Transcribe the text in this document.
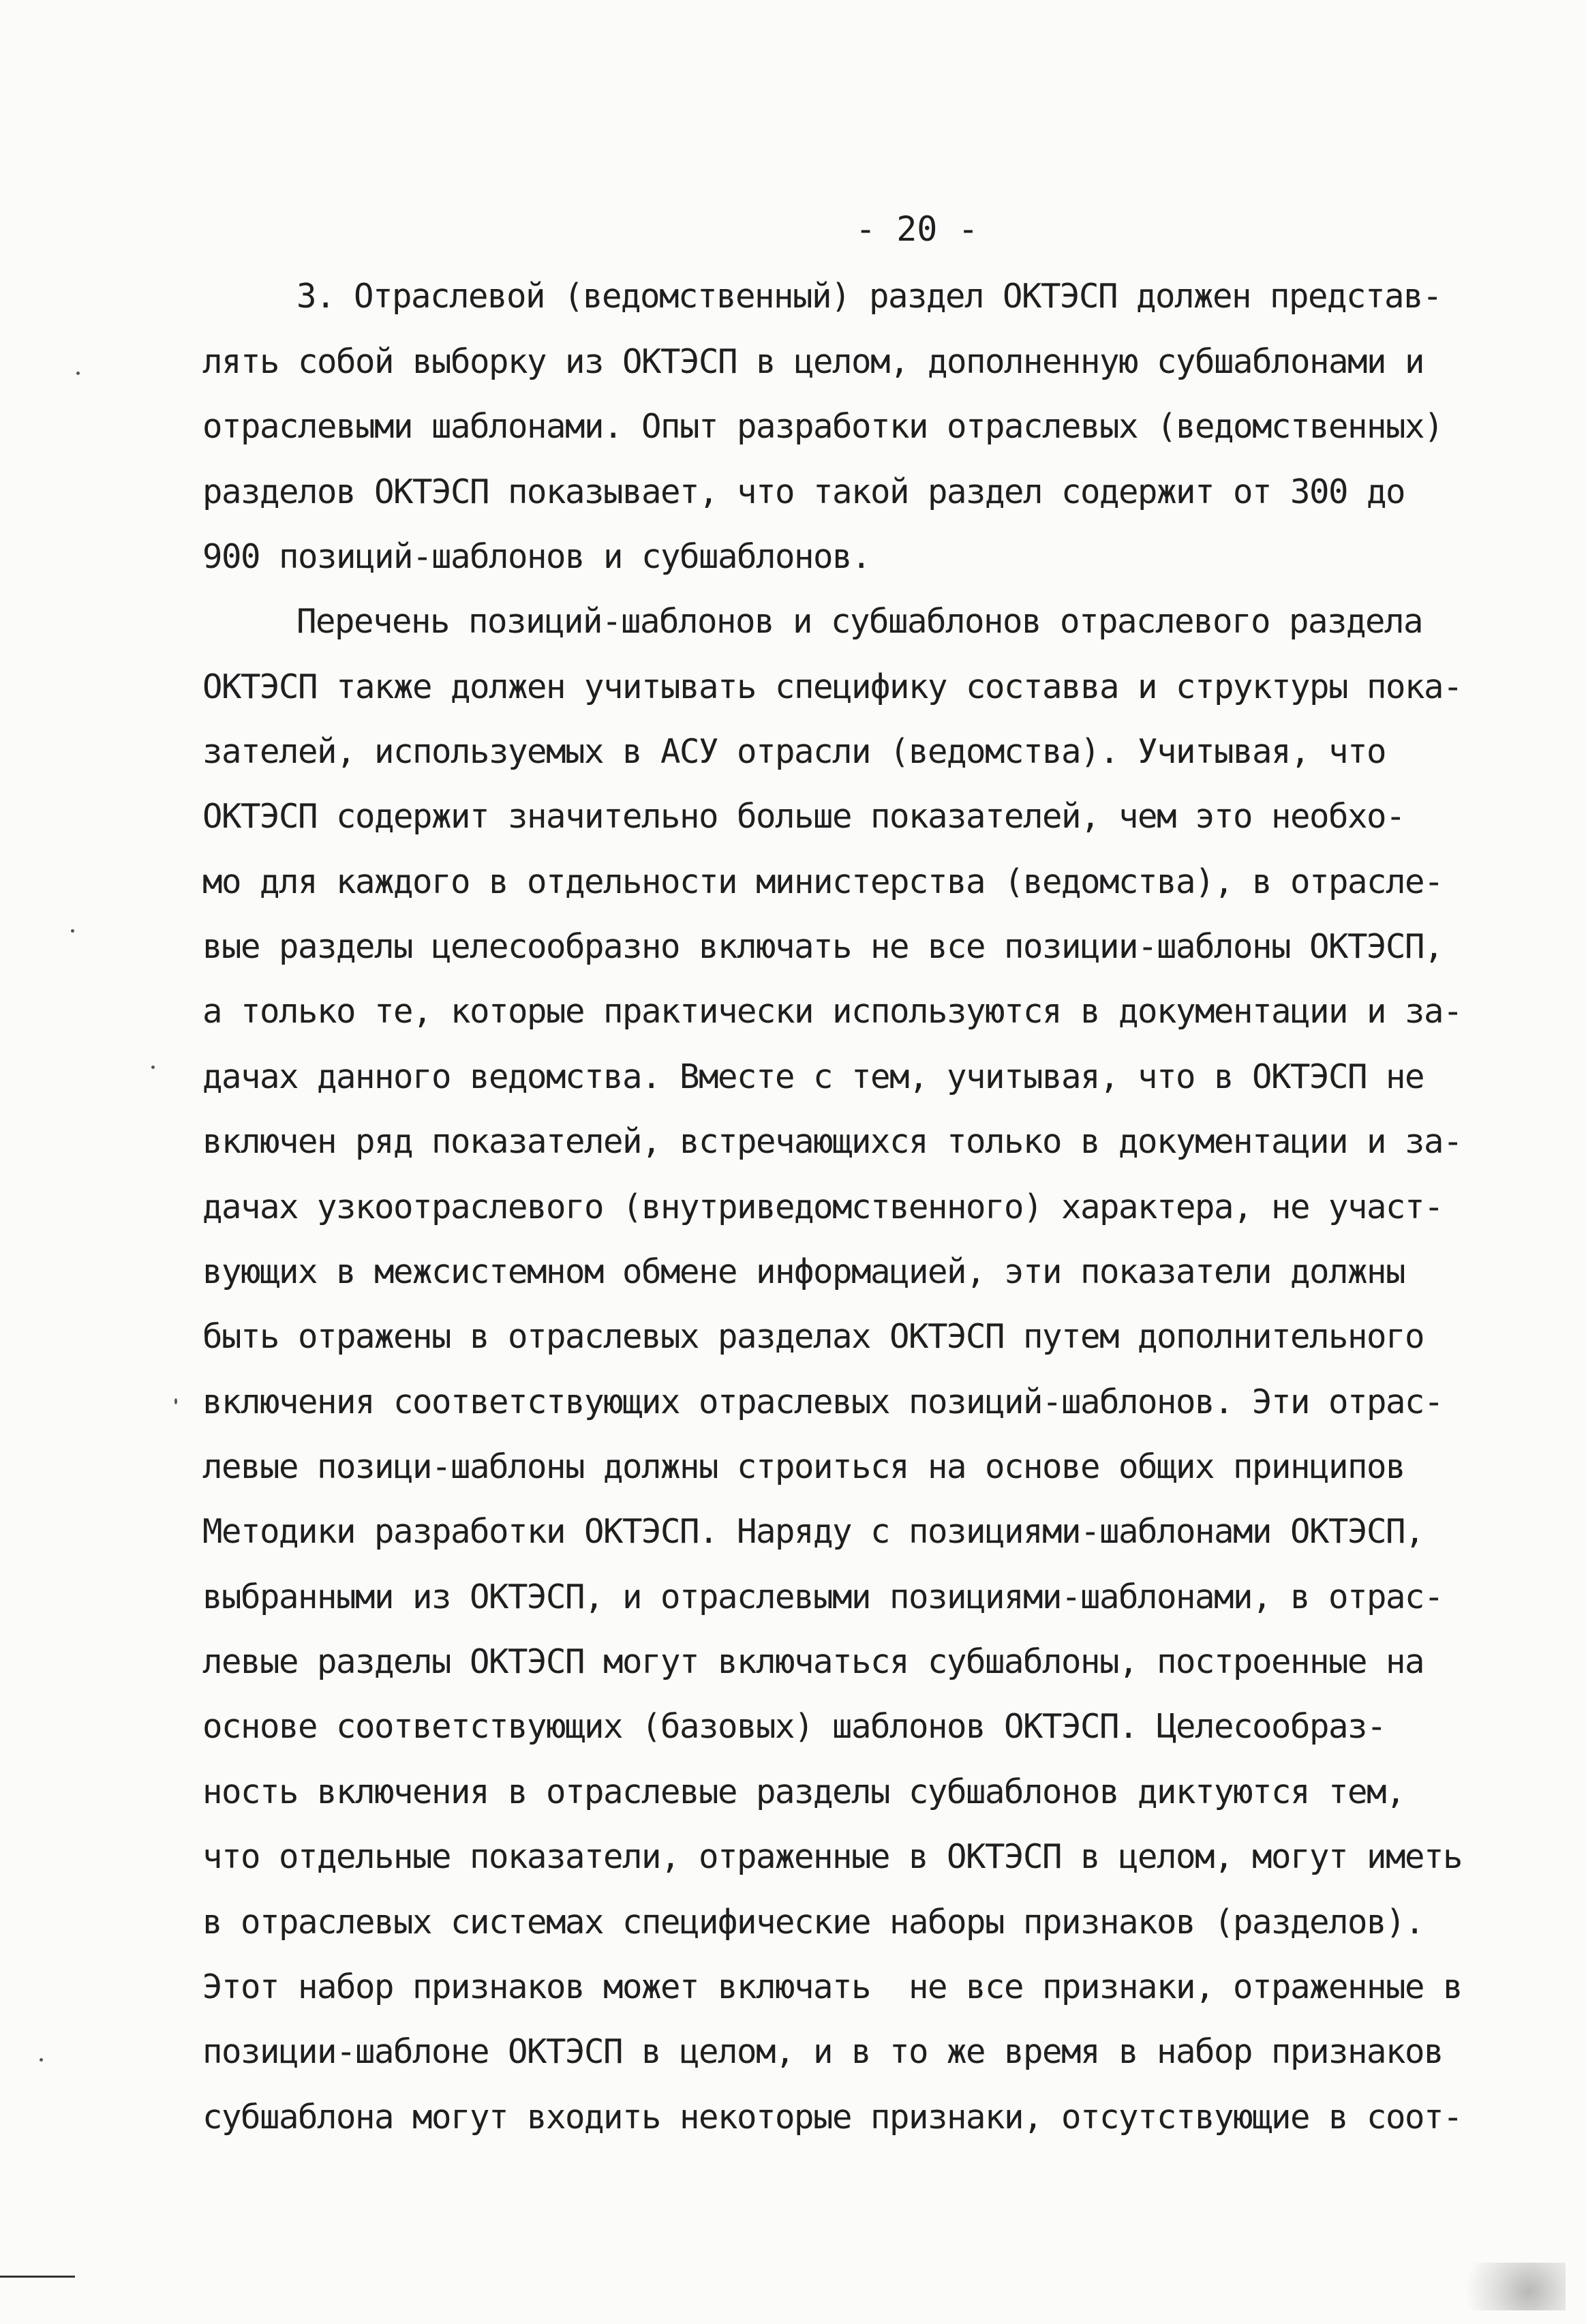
- 20 -
3. Отраслевой (ведомственный) раздел ОКТЭСП должен представ-
лять собой выборку из ОКТЭСП в целом, дополненную субшаблонами и
отраслевыми шаблонами. Опыт разработки отраслевых (ведомственных)
разделов ОКТЭСП показывает, что такой раздел содержит от 300 до
900 позиций-шаблонов и субшаблонов.
Перечень позиций-шаблонов и субшаблонов отраслевого раздела
ОКТЭСП также должен учитывать специфику составва и структуры пока-
зателей, используемых в АСУ отрасли (ведомства). Учитывая, что
ОКТЭСП содержит значительно больше показателей, чем это необхо-
мо для каждого в отдельности министерства (ведомства), в отрасле-
вые разделы целесообразно включать не все позиции-шаблоны ОКТЭСП,
а только те, которые практически используются в документации и за-
дачах данного ведомства. Вместе с тем, учитывая, что в ОКТЭСП не
включен ряд показателей, встречающихся только в документации и за-
дачах узкоотраслевого (внутриведомственного) характера, не участ-
вующих в межсистемном обмене информацией, эти показатели должны
быть отражены в отраслевых разделах ОКТЭСП путем дополнительного
включения соответствующих отраслевых позиций-шаблонов. Эти отрас-
левые позици-шаблоны должны строиться на основе общих принципов
Методики разработки ОКТЭСП. Наряду с позициями-шаблонами ОКТЭСП,
выбранными из ОКТЭСП, и отраслевыми позициями-шаблонами, в отрас-
левые разделы ОКТЭСП могут включаться субшаблоны, построенные на
основе соответствующих (базовых) шаблонов ОКТЭСП. Целесообраз-
ность включения в отраслевые разделы субшаблонов диктуются тем,
что отдельные показатели, отраженные в ОКТЭСП в целом, могут иметь
в отраслевых системах специфические наборы признаков (разделов).
Этот набор признаков может включать  не все признаки, отраженные в
позиции-шаблоне ОКТЭСП в целом, и в то же время в набор признаков
субшаблона могут входить некоторые признаки, отсутствующие в соот-
